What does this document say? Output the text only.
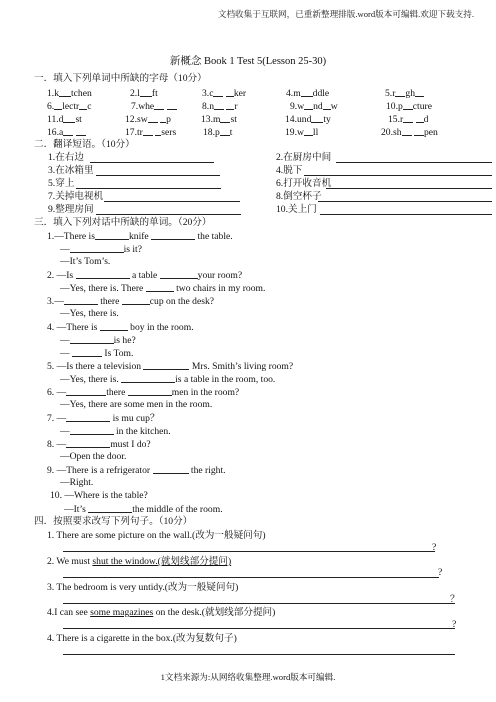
文档收集于互联网，已重新整理排版.word版本可编辑.欢迎下载支持.
新概念 Book 1 Test 5(Lesson 25-30)
一．填入下列单词中所缺的字母（10分）
1.k tchen	2.l ft	3.c ker	4.m ddle	5.r gh
6. lectr c	7.whe	8.n r	9.w nd w	10.p cture
11.d st	12.sw p	13.m st	14.und ty	15.r d
16.a	17.tr sers	18.p t	19.w ll	20.sh pen
二．翻译短语。（10分）
1.在右边	2.在厨房中间
3.在冰箱里	4.脱下
5.穿上	6.打开收音机
7.关掉电视机	8.倒空杯子
9.整理房间	10.关上门
三．填入下列对话中所缺的单词。（20分）
1.—There is	knife	the table.
—	is it?
—It’s Tom’s.
2. —Is	a table	your room?
—Yes, there is. There	two chairs in my room.
3.—	there	cup on the desk?
—Yes, there is.
4. —There is	boy in the room.
—	is he?
—	Is Tom.
5. —Is there a television	Mrs. Smith’s living room?
—Yes, there is.	is a table in the room, too.
6. —	there	men in the room?
—Yes, there are some men in the room.
7. —	is mu cup？
—	in the kitchen.
8. —	must I do?
—Open the door.
9. —There is a refrigerator	the right.
—Right.
10. —Where is the table?
—It’s	the middle of the room.
四．按照要求改写下列句子。（10分）
1. There are some picture on the wall.(改为一般疑问句)
?
2. We must shut the window.(就划线部分提问)
?
3. The bedroom is very untidy.(改为一般疑问句)
？
4.I can see some magazines on the desk.(就划线部分提问)
?
4. There is a cigarette in the box.(改为复数句子)
1文档来源为:从网络收集整理.word版本可编辑.
